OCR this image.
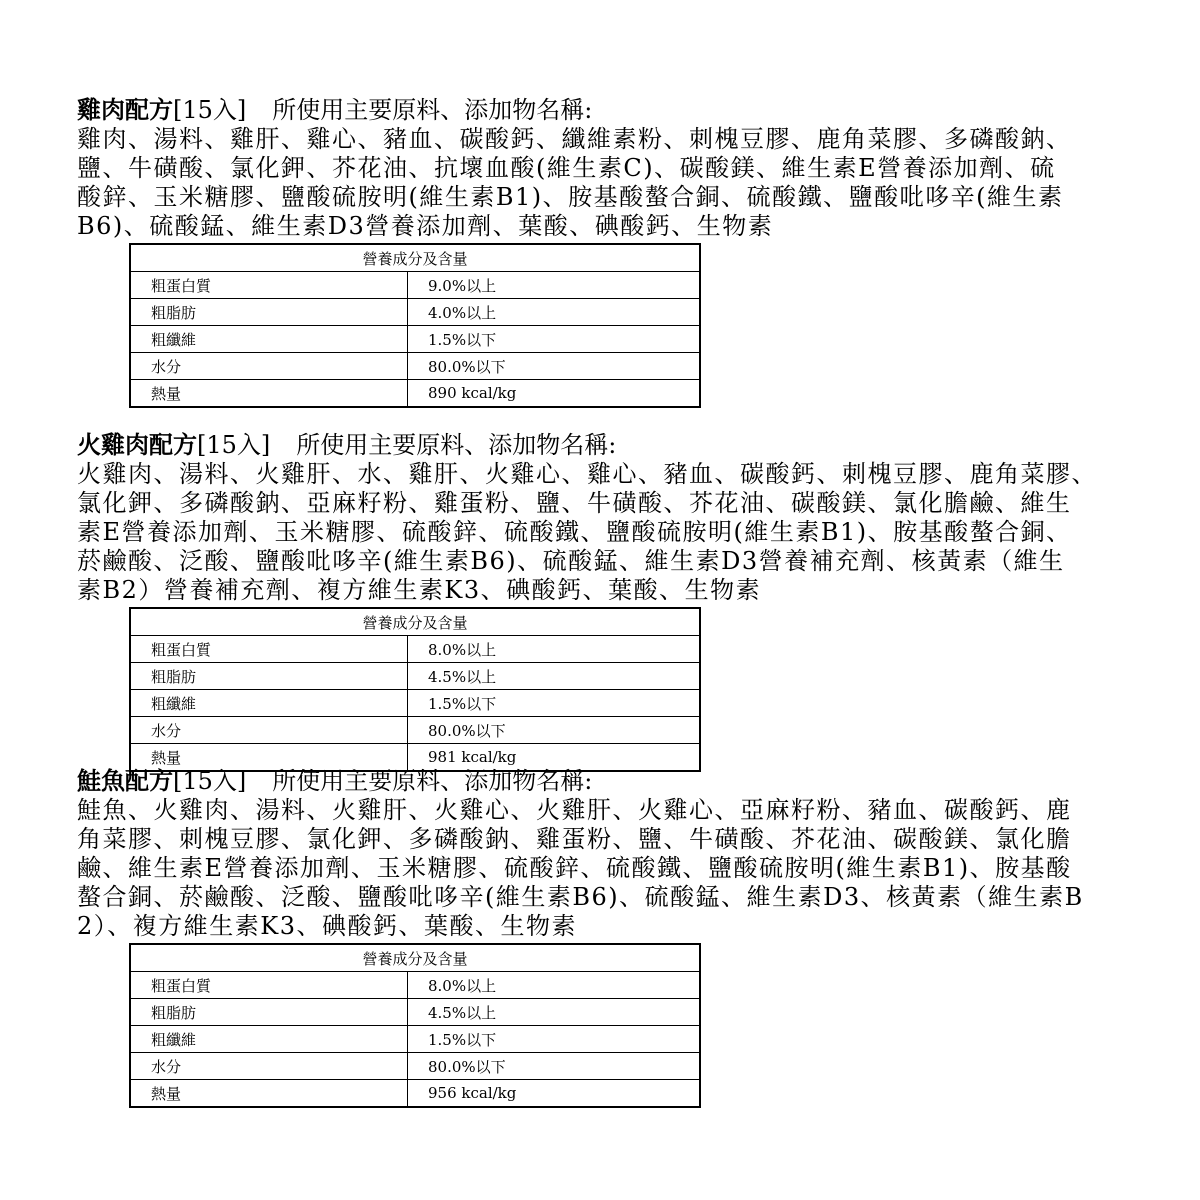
雞肉配方[15入] 所使用主要原料、添加物名稱:
雞肉、湯料、雞肝、雞心、豬血、碳酸鈣、纖維素粉、刺槐豆膠、鹿角菜膠、多磷酸鈉、
鹽、牛磺酸、氯化鉀、芥花油、抗壞血酸(維生素C)、碳酸鎂、維生素E營養添加劑、硫
酸鋅、玉米糖膠、鹽酸硫胺明(維生素B1)、胺基酸螯合銅、硫酸鐵、鹽酸吡哆辛(維生素
B6)、硫酸錳、維生素D3營養添加劑、葉酸、碘酸鈣、生物素
營養成分及含量	
粗蛋白質	9.0%以上
粗脂肪	4.0%以上
粗纖維	1.5%以下
水分	80.0%以下
熱量	890 kcal/kg
火雞肉配方[15入] 所使用主要原料、添加物名稱:
火雞肉、湯料、火雞肝、水、雞肝、火雞心、雞心、豬血、碳酸鈣、刺槐豆膠、鹿角菜膠、
氯化鉀、多磷酸鈉、亞麻籽粉、雞蛋粉、鹽、牛磺酸、芥花油、碳酸鎂、氯化膽鹼、維生
素E營養添加劑、玉米糖膠、硫酸鋅、硫酸鐵、鹽酸硫胺明(維生素B1)、胺基酸螯合銅、
菸鹼酸、泛酸、鹽酸吡哆辛(維生素B6)、硫酸錳、維生素D3營養補充劑、核黃素（維生
素B2）營養補充劑、複方維生素K3、碘酸鈣、葉酸、生物素
營養成分及含量	
粗蛋白質	8.0%以上
粗脂肪	4.5%以上
粗纖維	1.5%以下
水分	80.0%以下
熱量	981 kcal/kg
鮭魚配方[15入] 所使用主要原料、添加物名稱:
鮭魚、火雞肉、湯料、火雞肝、火雞心、火雞肝、火雞心、亞麻籽粉、豬血、碳酸鈣、鹿
角菜膠、刺槐豆膠、氯化鉀、多磷酸鈉、雞蛋粉、鹽、牛磺酸、芥花油、碳酸鎂、氯化膽
鹼、維生素E營養添加劑、玉米糖膠、硫酸鋅、硫酸鐵、鹽酸硫胺明(維生素B1)、胺基酸
螯合銅、菸鹼酸、泛酸、鹽酸吡哆辛(維生素B6)、硫酸錳、維生素D3、核黃素（維生素B
2）、複方維生素K3、碘酸鈣、葉酸、生物素
營養成分及含量	
粗蛋白質	8.0%以上
粗脂肪	4.5%以上
粗纖維	1.5%以下
水分	80.0%以下
熱量	956 kcal/kg
